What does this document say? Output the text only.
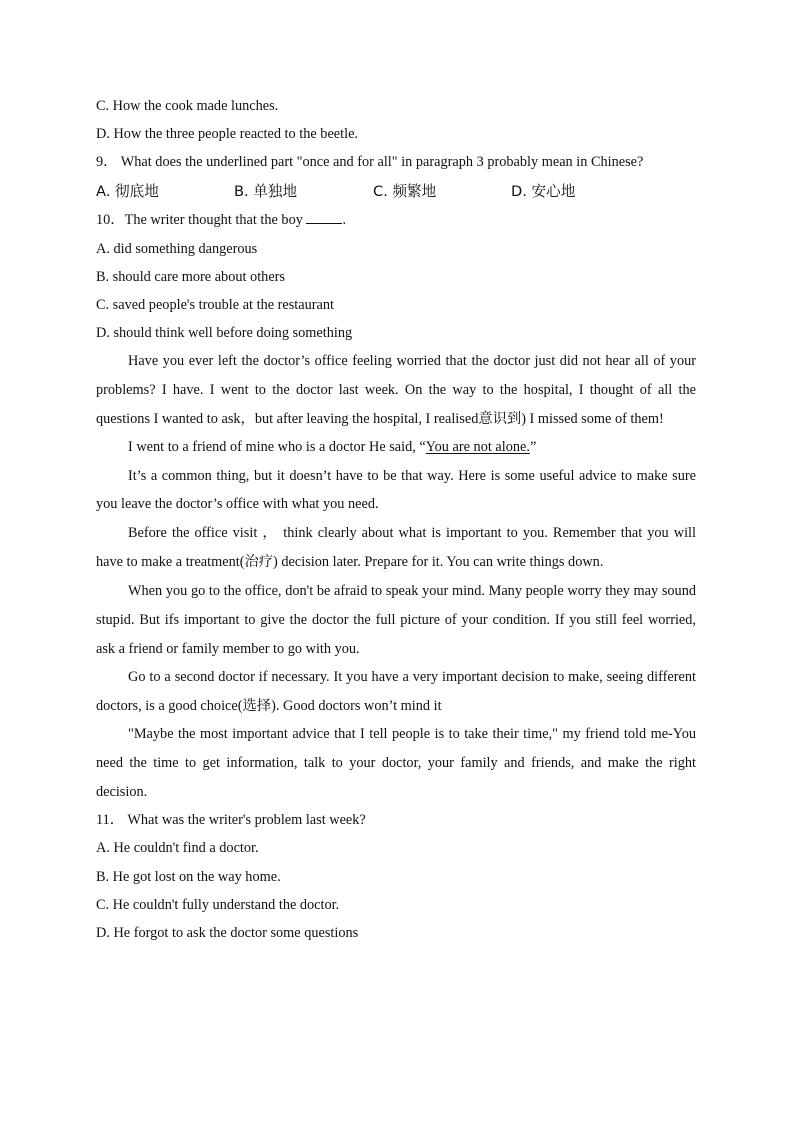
C. How the cook made lunches.
D. How the three people reacted to the beetle.
9． What does the underlined part "once and for all" in paragraph 3 probably mean in Chinese?
A. 彻底地	B. 单独地	C. 频繁地	D. 安心地
10．The writer thought that the boy	.
A. did something dangerous
B. should care more about others
C. saved people's trouble at the restaurant
D. should think well before doing something
Have you ever left the doctor’s office feeling worried that the doctor just did not hear all of your problems? I have. I went to the doctor last week. On the way to the hospital, I thought of all the questions I wanted to ask，but after leaving the hospital, I realised意识到) I missed some of them!
I went to a friend of mine who is a doctor He said, “You are not alone.”
It’s a common thing, but it doesn’t have to be that way. Here is some useful advice to make sure you leave the doctor’s office with what you need.
Before the office visit ， think clearly about what is important to you. Remember that you will have to make a treatment(治疗) decision later. Prepare for it. You can write things down.
When you go to the office, don't be afraid to speak your mind. Many people worry they may sound stupid. But ifs important to give the doctor the full picture of your condition. If you still feel worried, ask a friend or family member to go with you.
Go to a second doctor if necessary. It you have a very important decision to make, seeing different doctors, is a good choice(选择). Good doctors won’t mind it
"Maybe the most important advice that I tell people is to take their time," my friend told me-You need the time to get information, talk to your doctor, your family and friends, and make the right decision.
11． What was the writer's problem last week?
A. He couldn't find a doctor.
B. He got lost on the way home.
C. He couldn't fully understand the doctor.
D. He forgot to ask the doctor some questions
